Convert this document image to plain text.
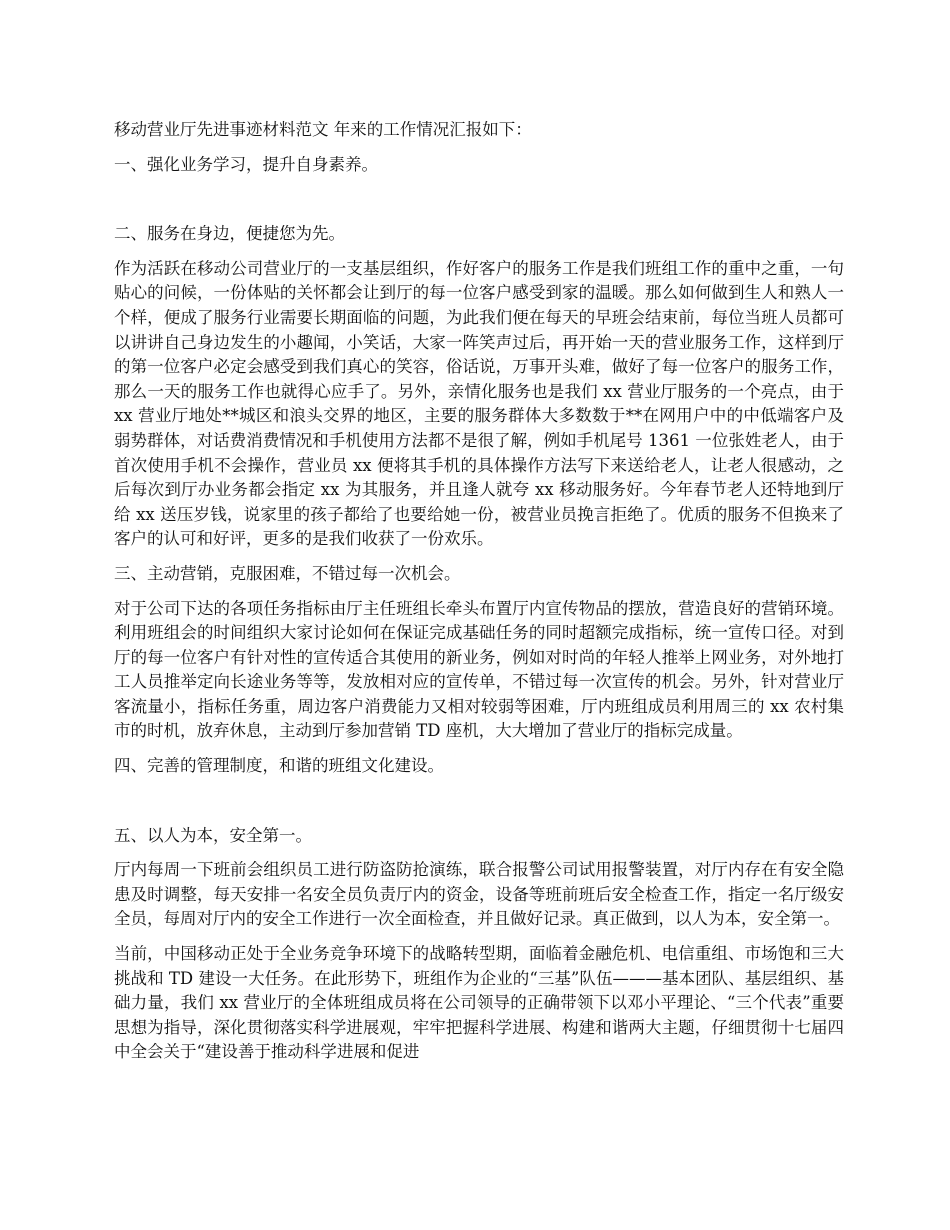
移动营业厅先进事迹材料范文 年来的工作情况汇报如下：

一、强化业务学习，提升自身素养。

二、服务在身边，便捷您为先。

作为活跃在移动公司营业厅的一支基层组织，作好客户的服务工作是我们班组工作的重中之重，一句贴心的问候，一份体贴的关怀都会让到厅的每一位客户感受到家的温暖。那么如何做到生人和熟人一个样，便成了服务行业需要长期面临的问题，为此我们便在每天的早班会结束前，每位当班人员都可以讲讲自己身边发生的小趣闻，小笑话，大家一阵笑声过后，再开始一天的营业服务工作，这样到厅的第一位客户必定会感受到我们真心的笑容，俗话说，万事开头难，做好了每一位客户的服务工作，那么一天的服务工作也就得心应手了。另外，亲情化服务也是我们 xx 营业厅服务的一个亮点，由于 xx 营业厅地处**城区和浪头交界的地区，主要的服务群体大多数数于**在网用户中的中低端客户及弱势群体，对话费消费情况和手机使用方法都不是很了解，例如手机尾号 1361 一位张姓老人，由于首次使用手机不会操作，营业员 xx 便将其手机的具体操作方法写下来送给老人，让老人很感动，之后每次到厅办业务都会指定 xx 为其服务，并且逢人就夸 xx 移动服务好。今年春节老人还特地到厅给 xx 送压岁钱，说家里的孩子都给了也要给她一份，被营业员挽言拒绝了。优质的服务不但换来了客户的认可和好评，更多的是我们收获了一份欢乐。

三、主动营销，克服困难，不错过每一次机会。

对于公司下达的各项任务指标由厅主任班组长牵头布置厅内宣传物品的摆放，营造良好的营销环境。利用班组会的时间组织大家讨论如何在保证完成基础任务的同时超额完成指标，统一宣传口径。对到厅的每一位客户有针对性的宣传适合其使用的新业务，例如对时尚的年轻人推举上网业务，对外地打工人员推举定向长途业务等等，发放相对应的宣传单，不错过每一次宣传的机会。另外，针对营业厅客流量小，指标任务重，周边客户消费能力又相对较弱等困难，厅内班组成员利用周三的 xx 农村集市的时机，放弃休息，主动到厅参加营销 TD 座机，大大增加了营业厅的指标完成量。

四、完善的管理制度，和谐的班组文化建设。

五、以人为本，安全第一。

厅内每周一下班前会组织员工进行防盗防抢演练，联合报警公司试用报警装置，对厅内存在有安全隐患及时调整，每天安排一名安全员负责厅内的资金，设备等班前班后安全检查工作，指定一名厅级安全员，每周对厅内的安全工作进行一次全面检查，并且做好记录。真正做到，以人为本，安全第一。

当前，中国移动正处于全业务竞争环境下的战略转型期，面临着金融危机、电信重组、市场饱和三大挑战和 TD 建设一大任务。在此形势下，班组作为企业的“三基”队伍———基本团队、基层组织、基础力量，我们 xx 营业厅的全体班组成员将在公司领导的正确带领下以邓小平理论、“三个代表”重要思想为指导，深化贯彻落实科学进展观，牢牢把握科学进展、构建和谐两大主题，仔细贯彻十七届四中全会关于“建设善于推动科学进展和促进
